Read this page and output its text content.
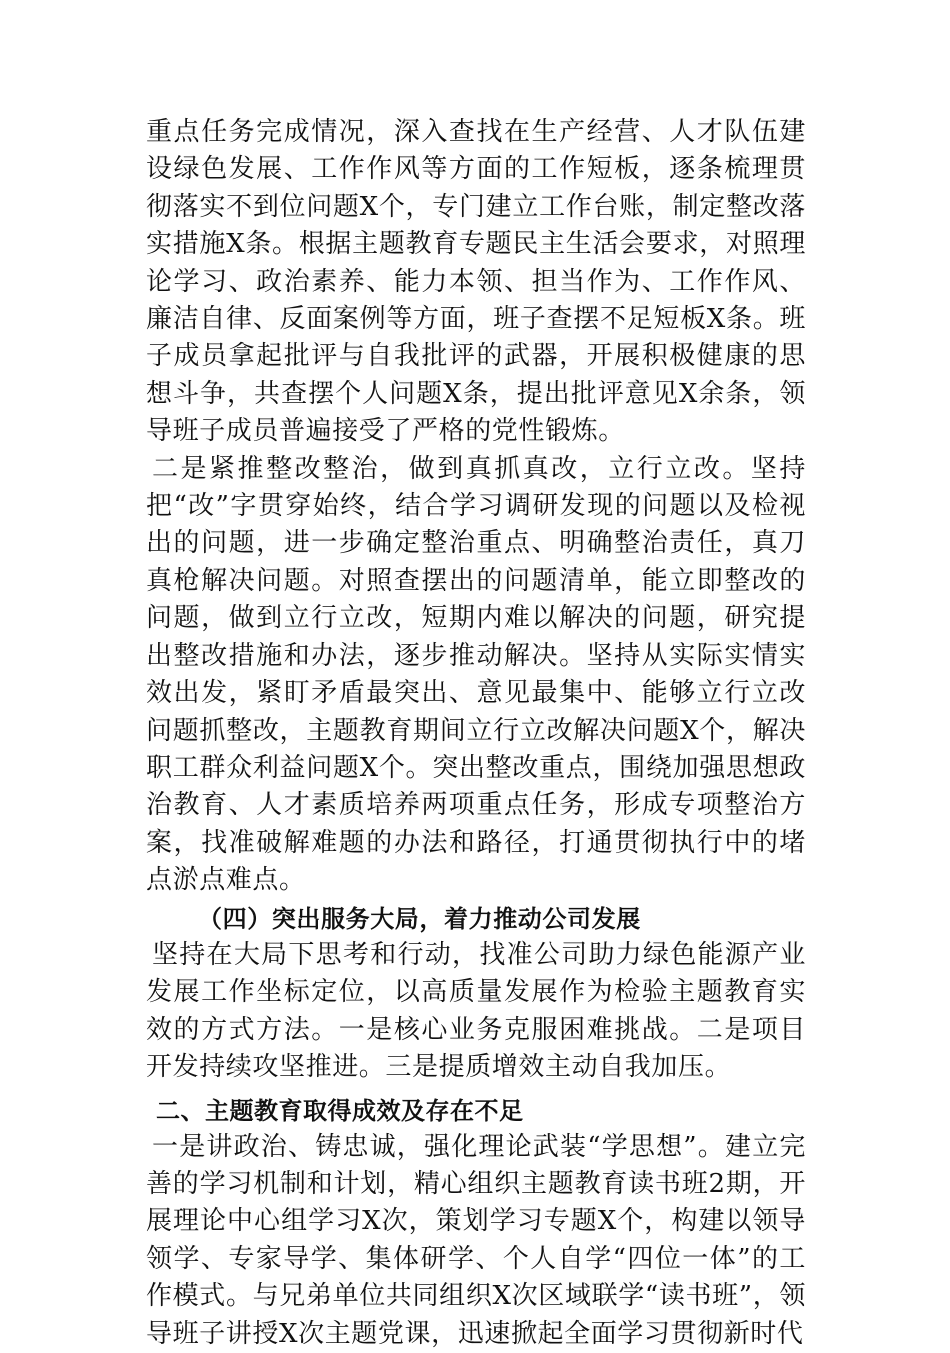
重点任务完成情况，深入查找在生产经营、人才队伍建设绿色发展、工作作风等方面的工作短板，逐条梳理贯彻落实不到位问题X个，专门建立工作台账，制定整改落实措施X条。根据主题教育专题民主生活会要求，对照理论学习、政治素养、能力本领、担当作为、工作作风、廉洁自律、反面案例等方面，班子查摆不足短板X条。班子成员拿起批评与自我批评的武器，开展积极健康的思想斗争，共查摆个人问题X条，提出批评意见X余条，领导班子成员普遍接受了严格的党性锻炼。

二是紧推整改整治，做到真抓真改，立行立改。坚持把“改”字贯穿始终，结合学习调研发现的问题以及检视出的问题，进一步确定整治重点、明确整治责任，真刀真枪解决问题。对照查摆出的问题清单，能立即整改的问题，做到立行立改，短期内难以解决的问题，研究提出整改措施和办法，逐步推动解决。坚持从实际实情实效出发，紧盯矛盾最突出、意见最集中、能够立行立改问题抓整改，主题教育期间立行立改解决问题X个，解决职工群众利益问题X个。突出整改重点，围绕加强思想政治教育、人才素质培养两项重点任务，形成专项整治方案，找准破解难题的办法和路径，打通贯彻执行中的堵点淤点难点。

（四）突出服务大局，着力推动公司发展

坚持在大局下思考和行动，找准公司助力绿色能源产业发展工作坐标定位，以高质量发展作为检验主题教育实效的方式方法。一是核心业务克服困难挑战。二是项目开发持续攻坚推进。三是提质增效主动自我加压。

二、主题教育取得成效及存在不足

一是讲政治、铸忠诚，强化理论武装“学思想”。建立完善的学习机制和计划，精心组织主题教育读书班2期，开展理论中心组学习X次，策划学习专题X个，构建以领导领学、专家导学、集体研学、个人自学“四位一体”的工作模式。与兄弟单位共同组织X次区域联学“读书班”，领导班子讲授X次主题党课，迅速掀起全面学习贯彻新时代
